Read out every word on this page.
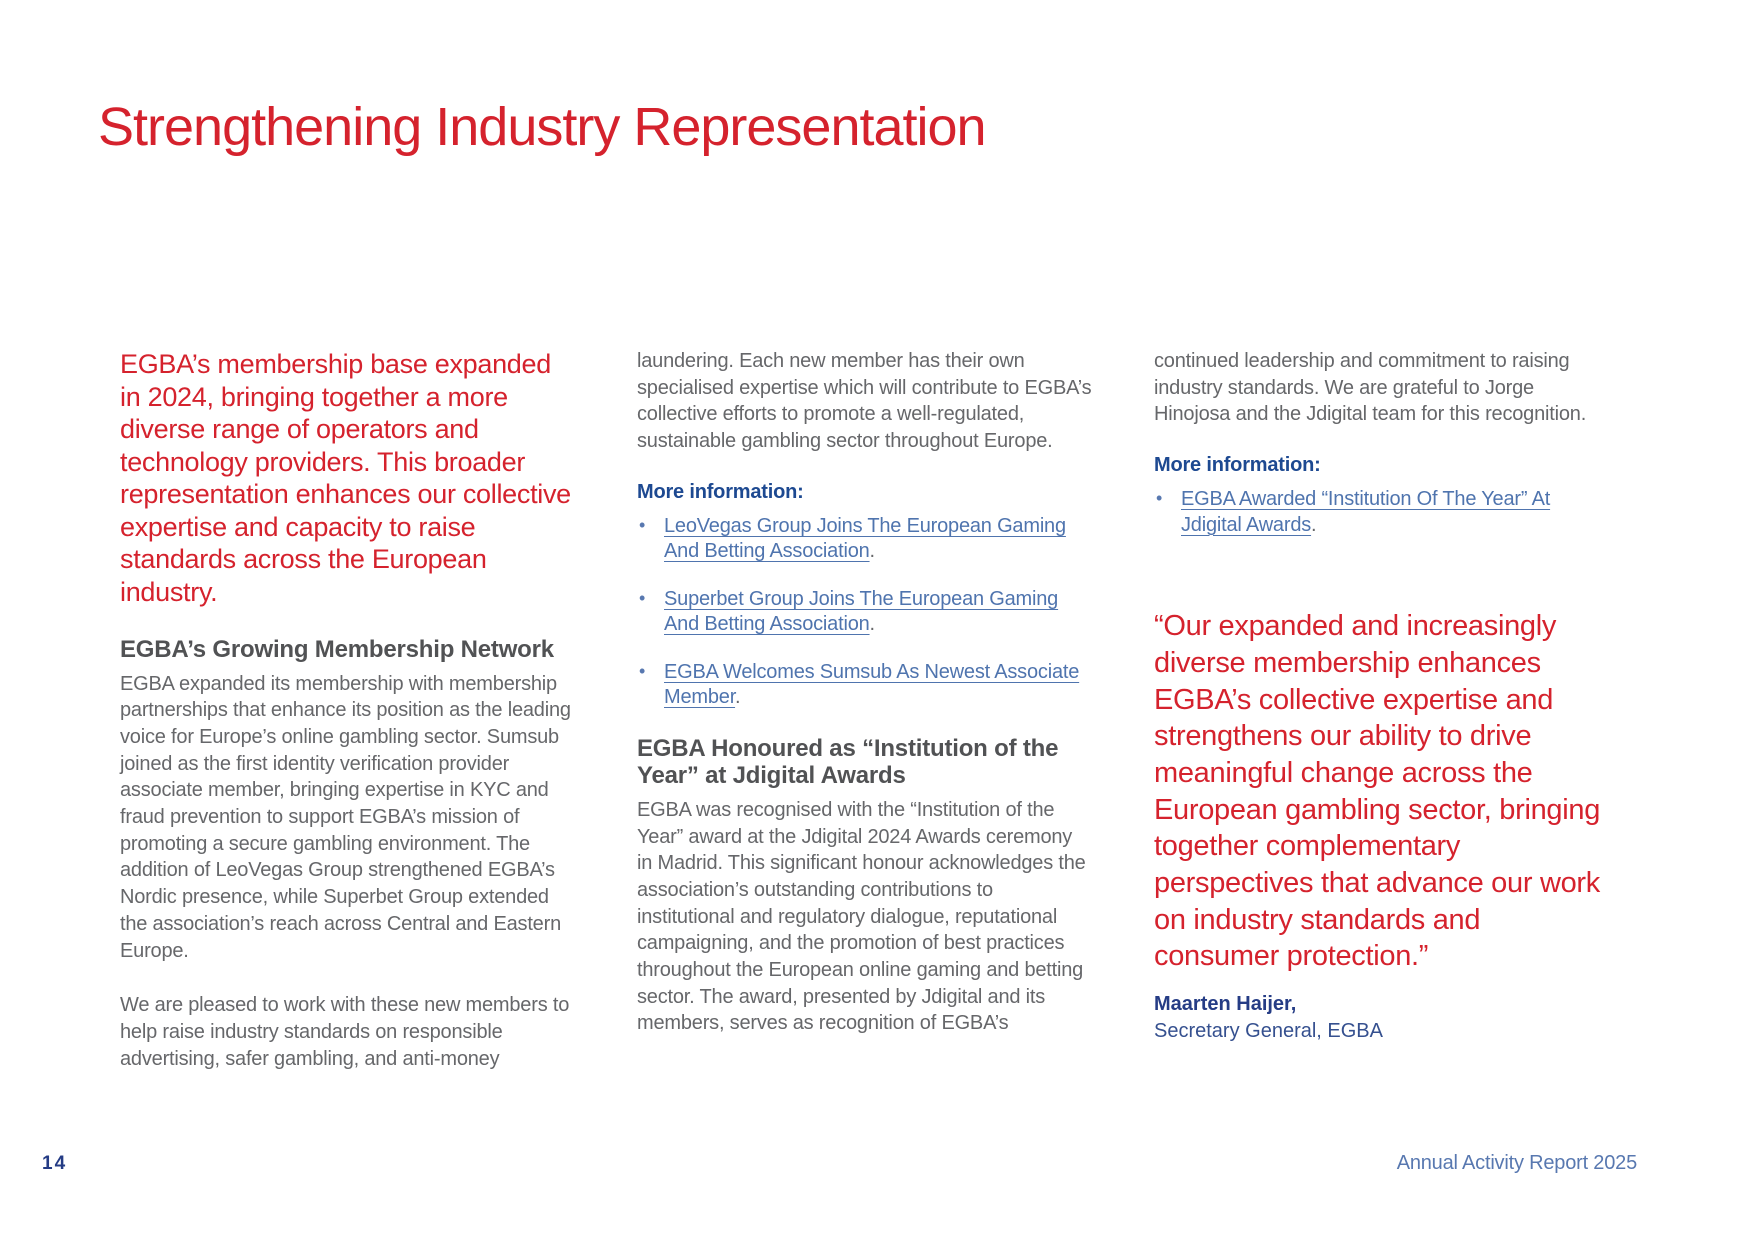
Strengthening Industry Representation

EGBA’s membership base expanded in 2024, bringing together a more diverse range of operators and technology providers. This broader representation enhances our collective expertise and capacity to raise standards across the European industry.

EGBA’s Growing Membership Network

EGBA expanded its membership with membership partnerships that enhance its position as the leading voice for Europe’s online gambling sector. Sumsub joined as the first identity verification provider associate member, bringing expertise in KYC and fraud prevention to support EGBA’s mission of promoting a secure gambling environment. The addition of LeoVegas Group strengthened EGBA’s Nordic presence, while Superbet Group extended the association’s reach across Central and Eastern Europe.

We are pleased to work with these new members to help raise industry standards on responsible advertising, safer gambling, and anti-money

laundering. Each new member has their own specialised expertise which will contribute to EGBA’s collective efforts to promote a well-regulated, sustainable gambling sector throughout Europe.

More information:

• LeoVegas Group Joins The European Gaming And Betting Association.
• Superbet Group Joins The European Gaming And Betting Association.
• EGBA Welcomes Sumsub As Newest Associate Member.
EGBA Honoured as “Institution of the Year” at Jdigital Awards

EGBA was recognised with the “Institution of the Year” award at the Jdigital 2024 Awards ceremony in Madrid. This significant honour acknowledges the association’s outstanding contributions to institutional and regulatory dialogue, reputational campaigning, and the promotion of best practices throughout the European online gaming and betting sector. The award, presented by Jdigital and its members, serves as recognition of EGBA’s

continued leadership and commitment to raising industry standards. We are grateful to Jorge Hinojosa and the Jdigital team for this recognition.

More information:

• EGBA Awarded “Institution Of The Year” At Jdigital Awards.

“Our expanded and increasingly diverse membership enhances EGBA’s collective expertise and strengthens our ability to drive meaningful change across the European gambling sector, bringing together complementary perspectives that advance our work on industry standards and consumer protection.”

Maarten Haijer,

Secretary General, EGBA

14	Annual Activity Report 2025
